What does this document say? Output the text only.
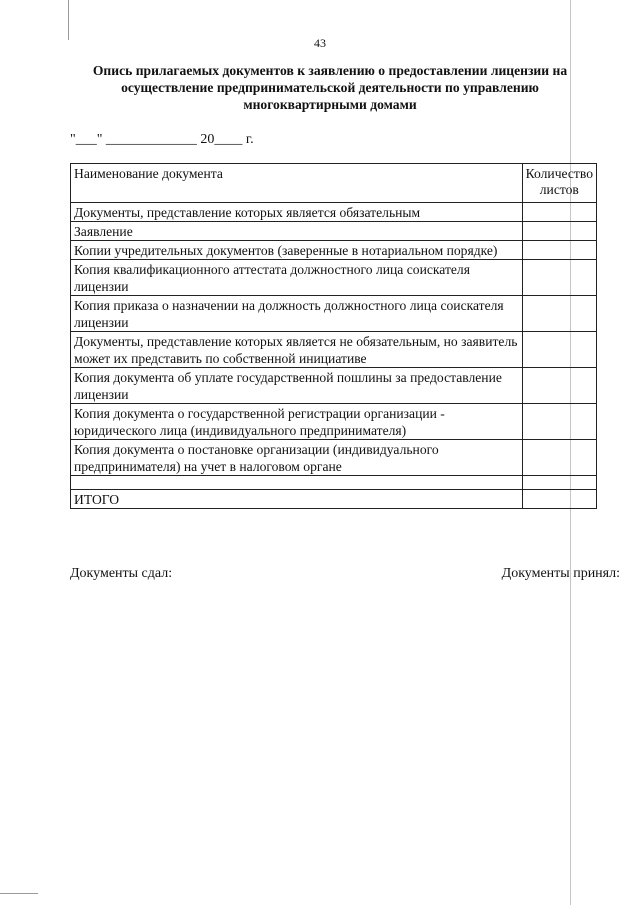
43
Опись прилагаемых документов к заявлению о предоставлении лицензии на осуществление предпринимательской деятельности по управлению многоквартирными домами
"___" _____________ 20____ г.
Наименование документа	Количество листов
Документы, представление которых является обязательным	
Заявление	
Копии учредительных документов (заверенные в нотариальном порядке)	
Копия квалификационного аттестата должностного лица соискателя лицензии	
Копия приказа о назначении на должность должностного лица соискателя лицензии	
Документы, представление которых является не обязательным, но заявитель может их представить по собственной инициативе	
Копия документа об уплате государственной пошлины за предоставление лицензии	
Копия документа о государственной регистрации организации - юридического лица (индивидуального предпринимателя)	
Копия документа о постановке организации (индивидуального предпринимателя) на учет в налоговом органе	

ИТОГО	
Документы сдал:	Документы принял:
